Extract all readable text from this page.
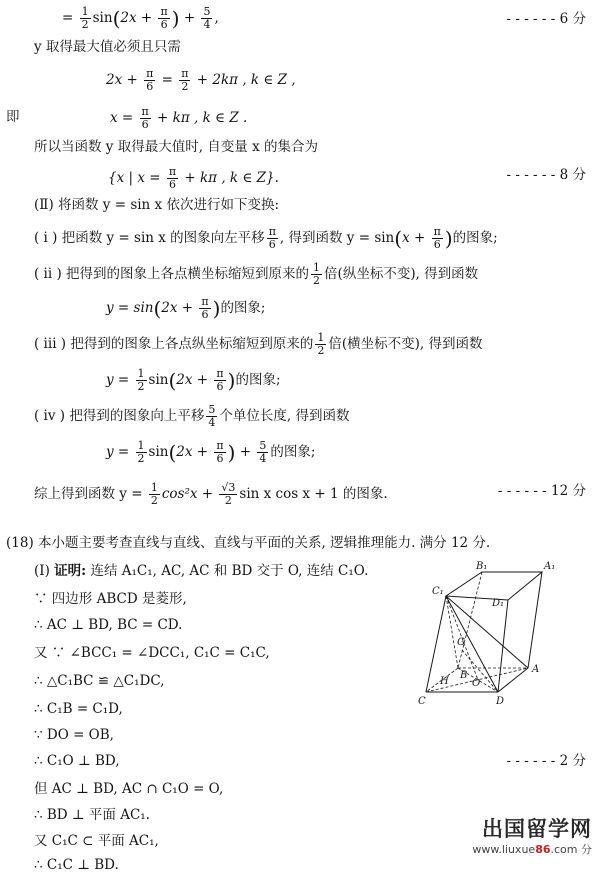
= $\frac{1}{2} \sin(2x + \frac{\pi}{6}$ ) + $\frac{5}{4}$ ,	- - - - - - 6 分
y 取得最大值必须且只需
$2x + \frac{\pi}{6} = \frac{\pi}{2} + 2k\pi$ , k ∈ Z ,
即	$x = \frac{\pi}{6} + k\pi$ , k ∈ Z .
所以当函数 y 取得最大值时, 自变量 x 的集合为
{x | $x = \frac{\pi}{6} + k\pi$ , k ∈ Z}.	- - - - - - 8 分
(Ⅱ) 将函数 y = sin x 依次进行如下变换:
( i ) 把函数 y = sin x 的图象向左平移 $\frac{\pi}{6}$ , 得到函数 $y = \sin(x + \frac{\pi}{6}$ )的图象;
( ii ) 把得到的图象上各点横坐标缩短到原来的 $\frac{1}{2}$ 倍(纵坐标不变), 得到函数
$y = \sin(2x + \frac{\pi}{6}$ )的图象;
( iii ) 把得到的图象上各点纵坐标缩短到原来的 $\frac{1}{2}$ 倍(横坐标不变), 得到函数
$y = \frac{1}{2} \sin(2x + \frac{\pi}{6}$ )的图象;
( iv ) 把得到的图象向上平移 $\frac{5}{4}$ 个单位长度, 得到函数
$y = \frac{1}{2} \sin(2x + \frac{\pi}{6}$ ) + $\frac{5}{4}$ 的图象;
综上得到函数 $y = \frac{1}{2} \cos^2x + \frac{√3}{2}$ sin x cos x + 1 的图象.	- - - - - - 12 分
(18) 本小题主要考查直线与直线、直线与平面的关系, 逻辑推理能力. 满分 12 分.
(Ⅰ) 证明: 连结 A₁C₁, AC, AC 和 BD 交于 O, 连结 C₁O.
∵ 四边形 ABCD 是菱形,
∴ AC ⊥ BD, BC = CD.
又 ∵ ∠BCC₁ = ∠DCC₁, C₁C = C₁C,
∴ △C₁BC ≌ △C₁DC,
∴ C₁B = C₁D,
∵ DO = OB,
∴ C₁O ⊥ BD,	- - - - - - 2 分
但 AC ⊥ BD, AC ∩ C₁O = O,
∴ BD ⊥ 平面 AC₁.
又 C₁C ⊂ 平面 AC₁,
∴ C₁C ⊥ BD.
B₁	A₁
C₁
D₁
G
B
H O
A
C	D
出国留学网
www.liuxue86.com 分
